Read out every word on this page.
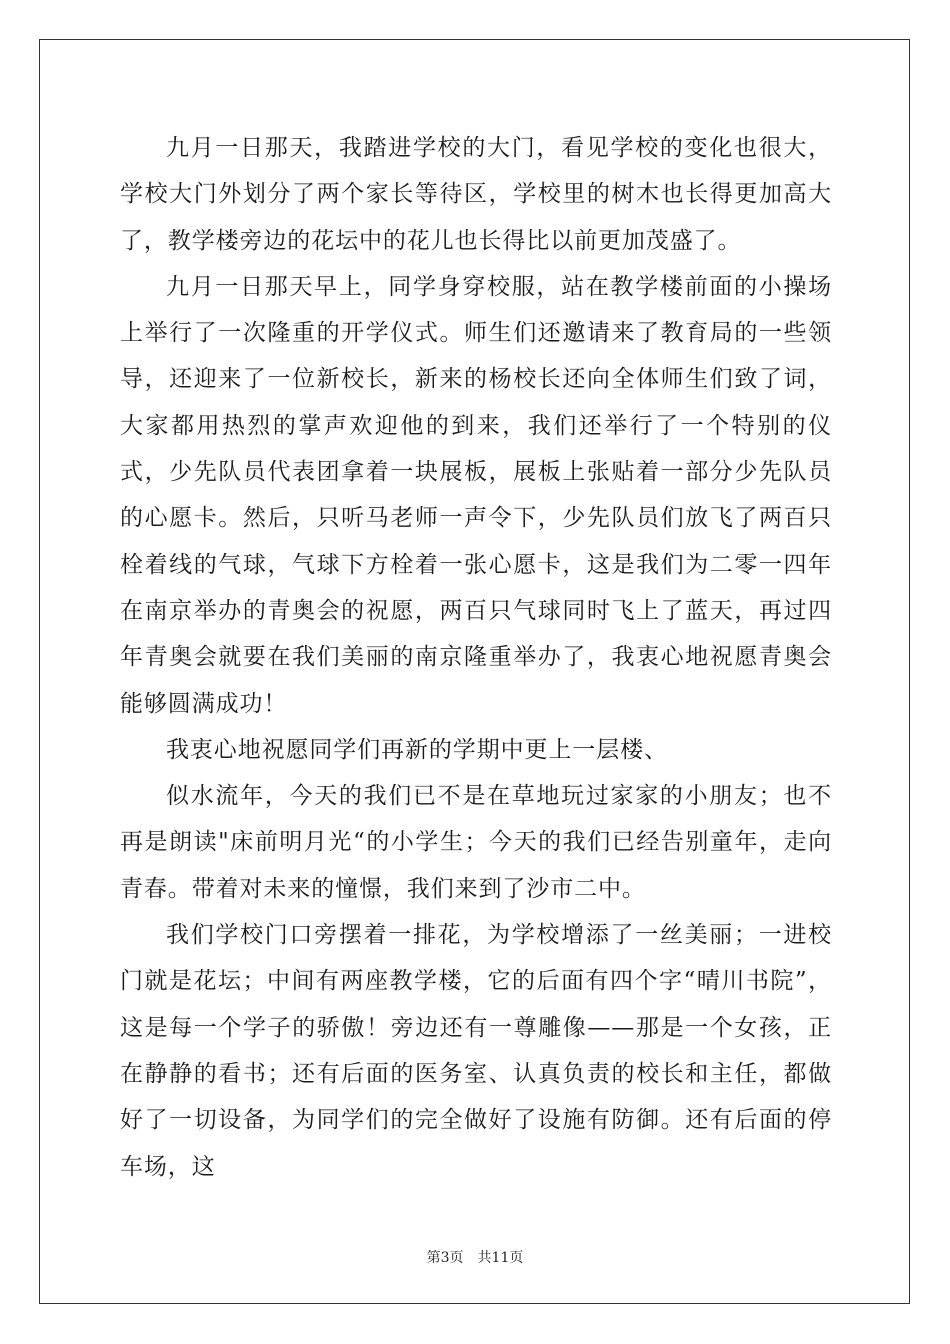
九月一日那天，我踏进学校的大门，看见学校的变化也很大，学校大门外划分了两个家长等待区，学校里的树木也长得更加高大了，教学楼旁边的花坛中的花儿也长得比以前更加茂盛了。

九月一日那天早上，同学身穿校服，站在教学楼前面的小操场上举行了一次隆重的开学仪式。师生们还邀请来了教育局的一些领导，还迎来了一位新校长，新来的杨校长还向全体师生们致了词，大家都用热烈的掌声欢迎他的到来，我们还举行了一个特别的仪式，少先队员代表团拿着一块展板，展板上张贴着一部分少先队员的心愿卡。然后，只听马老师一声令下，少先队员们放飞了两百只栓着线的气球，气球下方栓着一张心愿卡，这是我们为二零一四年在南京举办的青奥会的祝愿，两百只气球同时飞上了蓝天，再过四年青奥会就要在我们美丽的南京隆重举办了，我衷心地祝愿青奥会能够圆满成功！

我衷心地祝愿同学们再新的学期中更上一层楼、

似水流年，今天的我们已不是在草地玩过家家的小朋友；也不再是朗读"床前明月光“的小学生；今天的我们已经告别童年，走向青春。带着对未来的憧憬，我们来到了沙市二中。

我们学校门口旁摆着一排花，为学校增添了一丝美丽；一进校门就是花坛；中间有两座教学楼，它的后面有四个字“晴川书院”，这是每一个学子的骄傲！旁边还有一尊雕像——那是一个女孩，正在静静的看书；还有后面的医务室、认真负责的校长和主任，都做好了一切设备，为同学们的完全做好了设施有防御。还有后面的停车场，这

第3页　共11页
